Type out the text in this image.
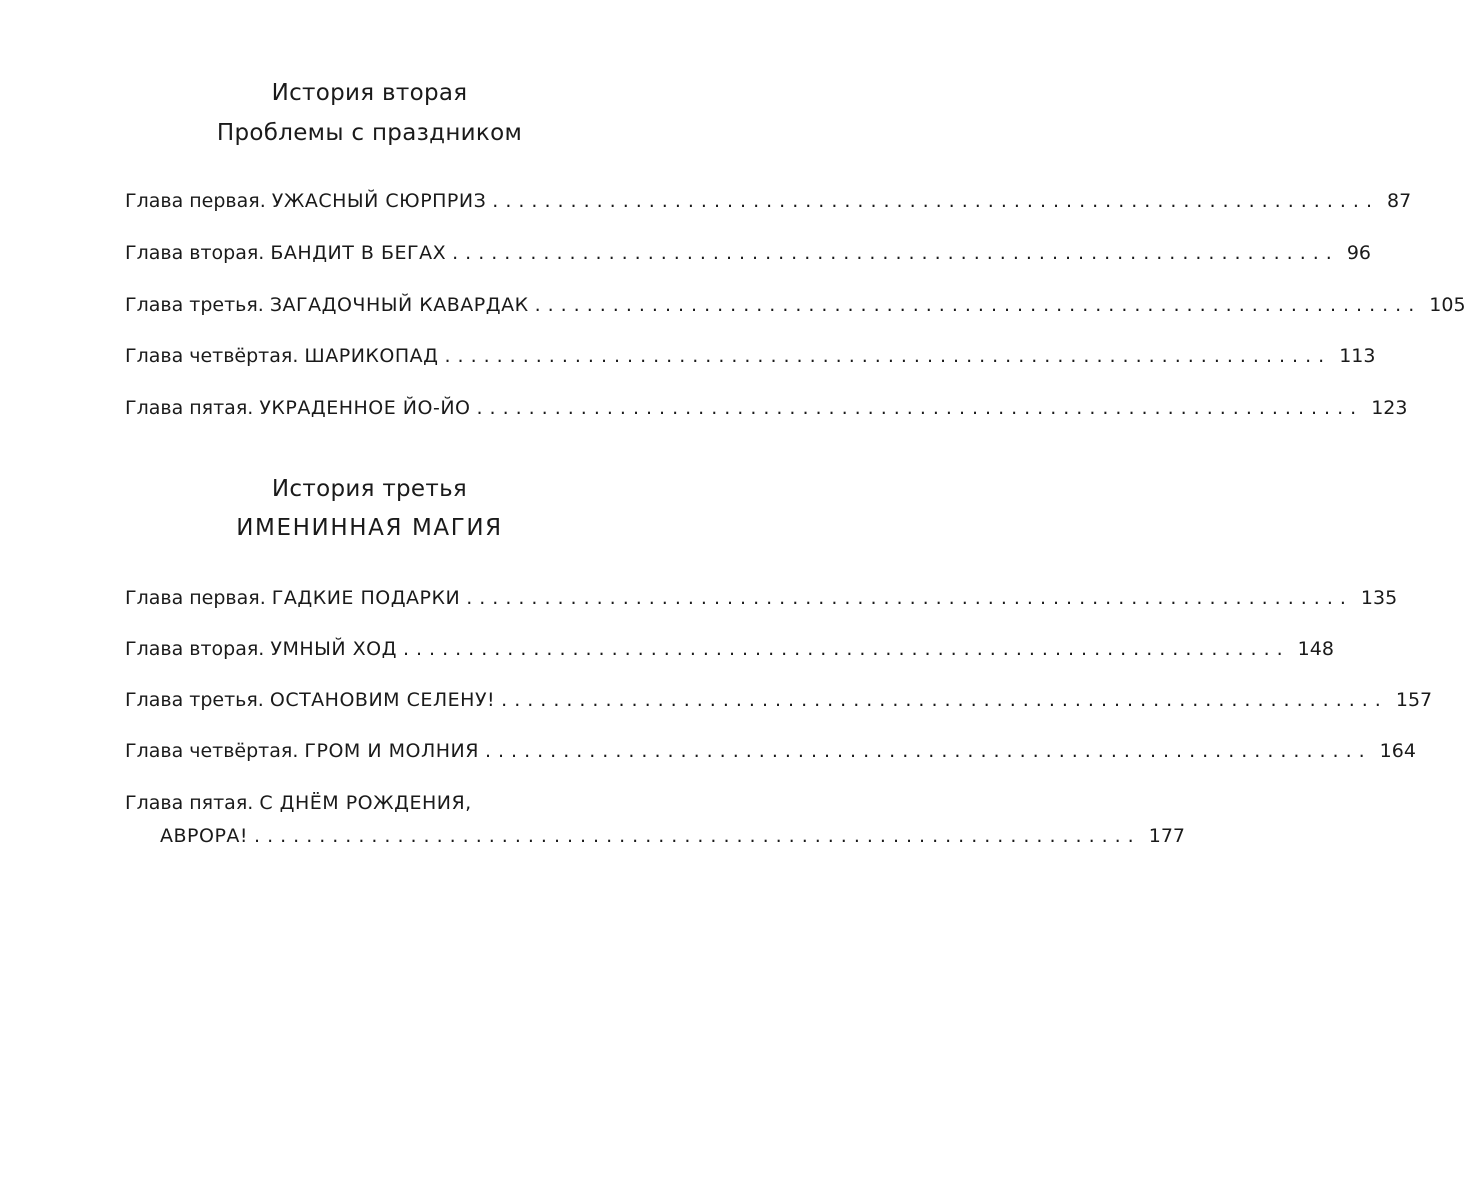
История вторая
Проблемы с праздником
Глава первая. УЖАСНЫЙ СЮРПРИЗ .................................................................... 87
Глава вторая. БАНДИТ В БЕГАХ .................................................................... 96
Глава третья. ЗАГАДОЧНЫЙ КАВАРДАК .................................................................... 105
Глава четвёртая. ШАРИКОПАД .................................................................... 113
Глава пятая. УКРАДЕННОЕ ЙО-ЙО .................................................................... 123
История третья
ИМЕНИННАЯ МАГИЯ
Глава первая. ГАДКИЕ ПОДАРКИ .................................................................... 135
Глава вторая. УМНЫЙ ХОД .................................................................... 148
Глава третья. ОСТАНОВИМ СЕЛЕНУ! .................................................................... 157
Глава четвёртая. ГРОМ И МОЛНИЯ .................................................................... 164
Глава пятая. С ДНЁМ РОЖДЕНИЯ,
АВРОРА! .................................................................... 177
